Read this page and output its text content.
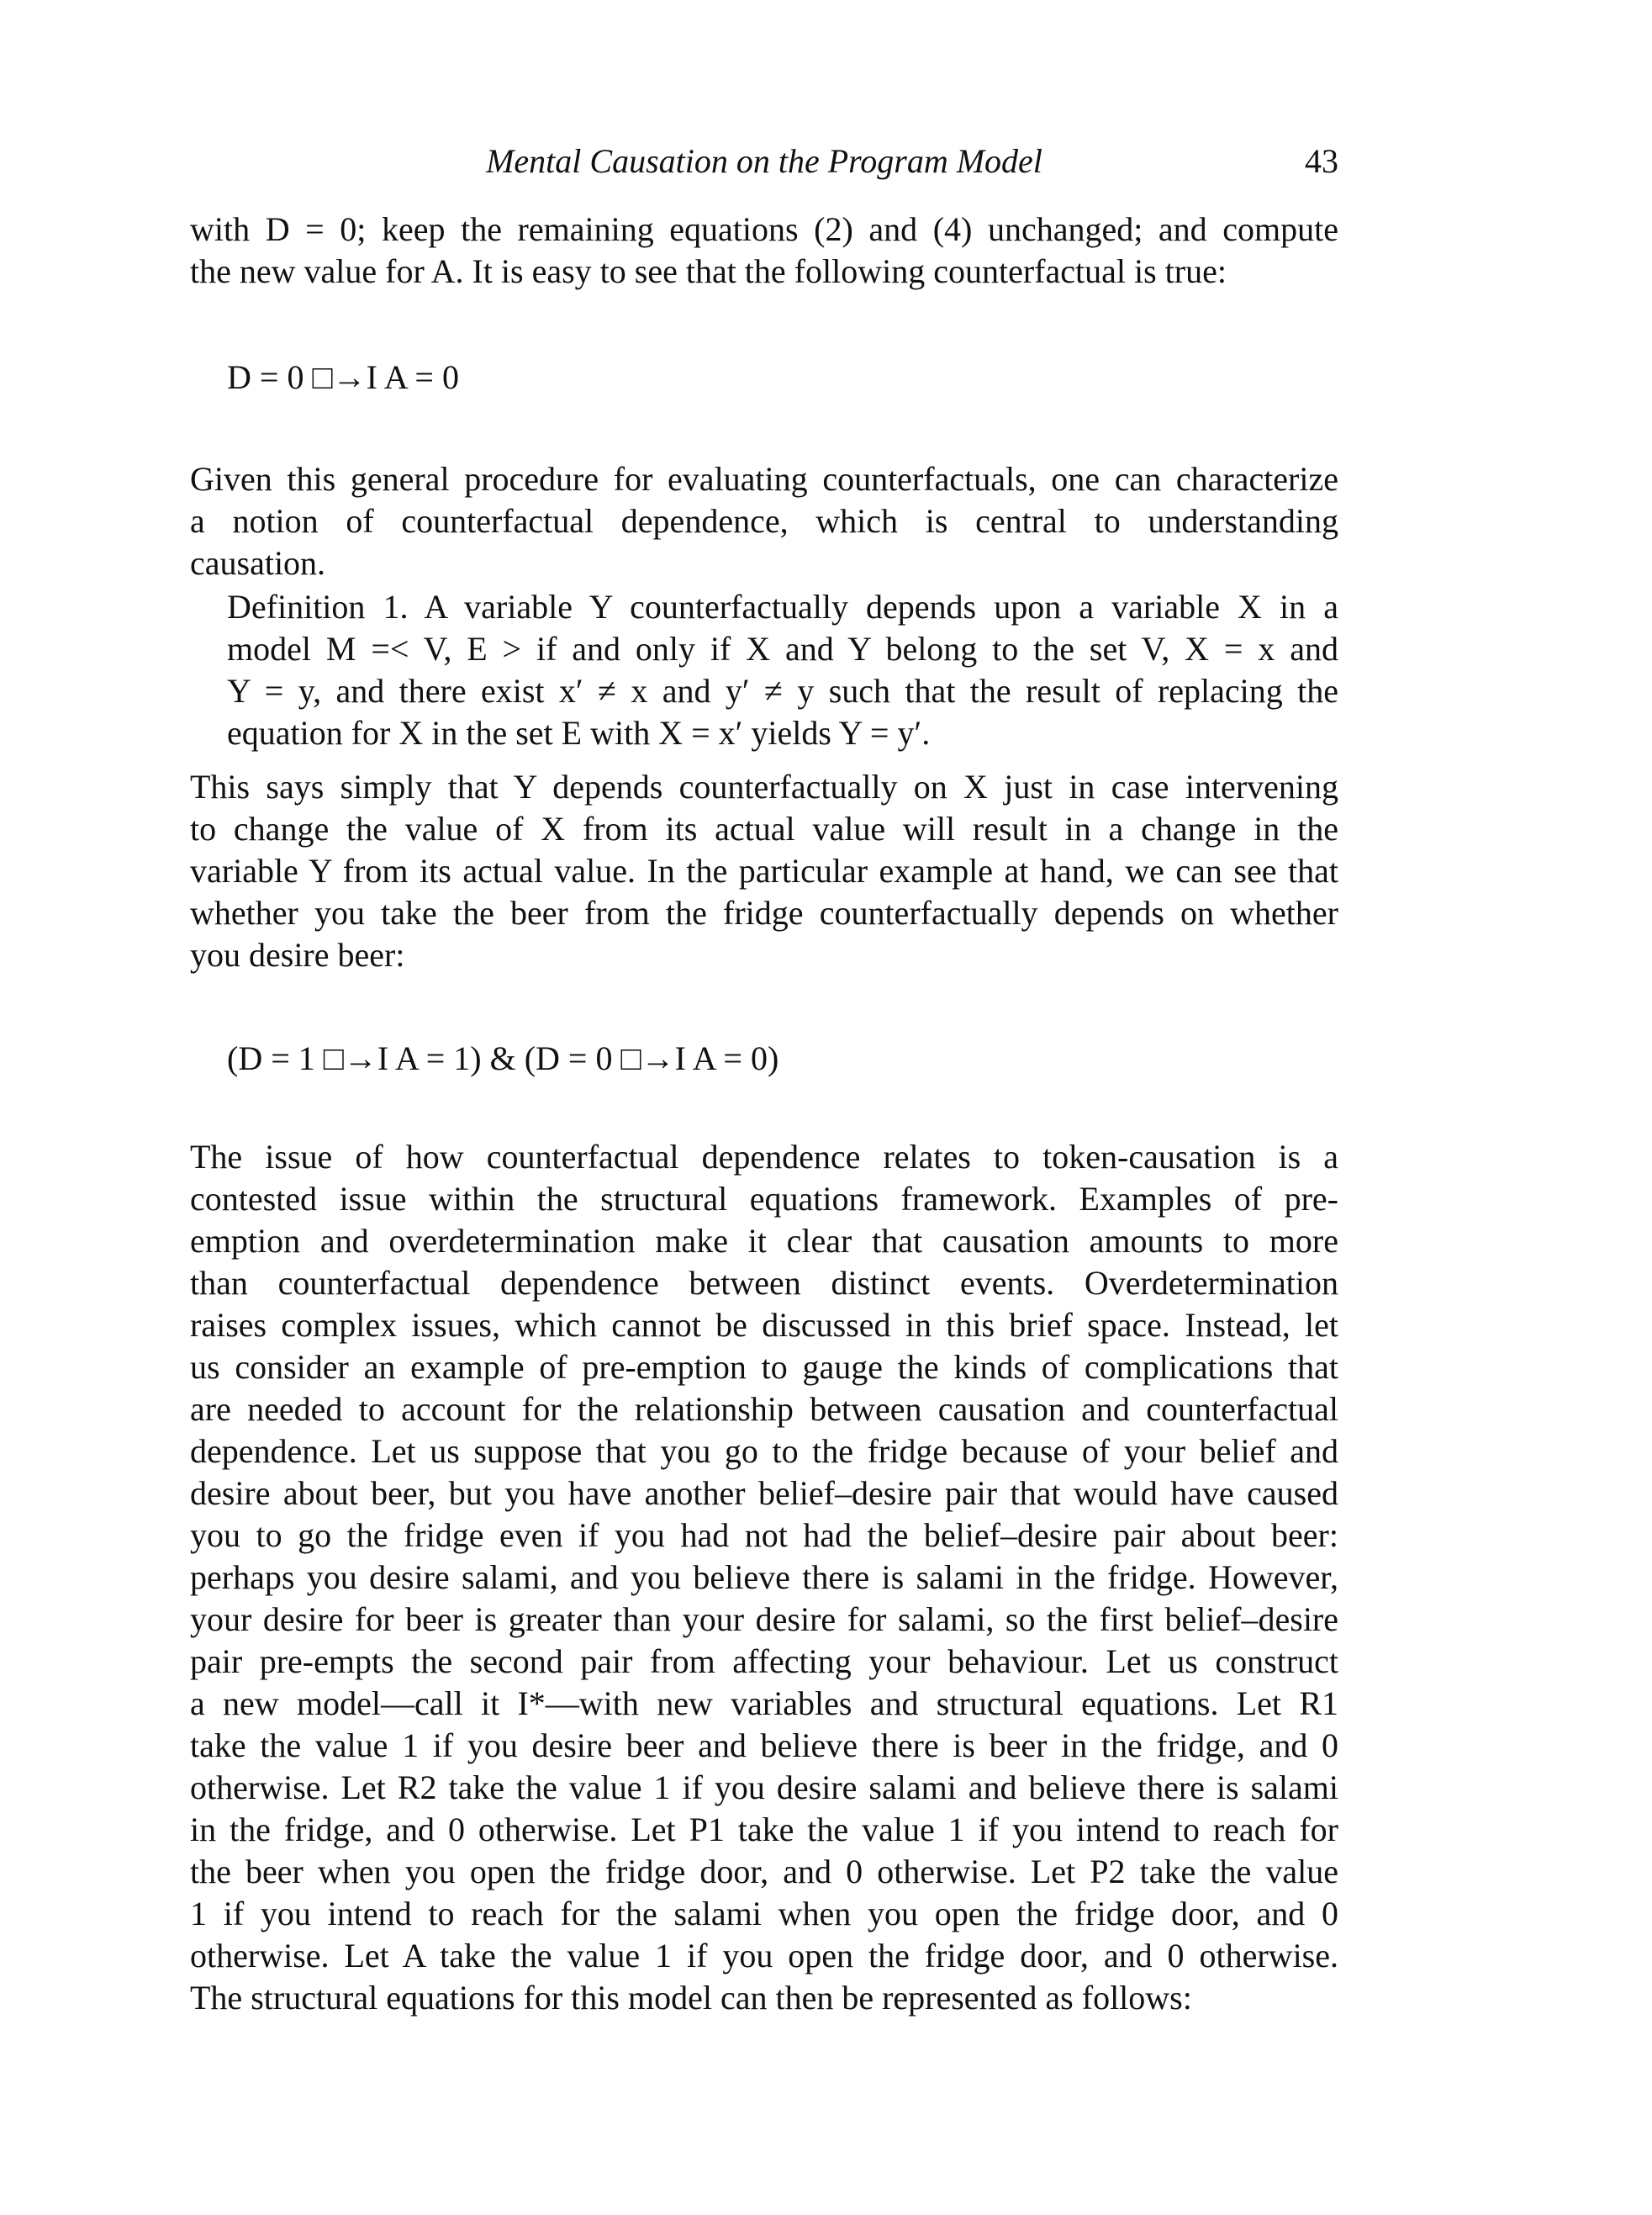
Mental Causation on the Program Model	43
with D = 0; keep the remaining equations (2) and (4) unchanged; and compute
the new value for A. It is easy to see that the following counterfactual is true:
D = 0 □→I A = 0
Given this general procedure for evaluating counterfactuals, one can characterize
a notion of counterfactual dependence, which is central to understanding
causation.
Definition 1. A variable Y counterfactually depends upon a variable X in a
model M =< V, E > if and only if X and Y belong to the set V, X = x and
Y = y, and there exist x′ ≠ x and y′ ≠ y such that the result of replacing the
equation for X in the set E with X = x′ yields Y = y′.
This says simply that Y depends counterfactually on X just in case intervening
to change the value of X from its actual value will result in a change in the
variable Y from its actual value. In the particular example at hand, we can see that
whether you take the beer from the fridge counterfactually depends on whether
you desire beer:
(D = 1 □→I A = 1) & (D = 0 □→I A = 0)
The issue of how counterfactual dependence relates to token-causation is a
contested issue within the structural equations framework. Examples of pre-
emption and overdetermination make it clear that causation amounts to more
than counterfactual dependence between distinct events. Overdetermination
raises complex issues, which cannot be discussed in this brief space. Instead, let
us consider an example of pre-emption to gauge the kinds of complications that
are needed to account for the relationship between causation and counterfactual
dependence. Let us suppose that you go to the fridge because of your belief and
desire about beer, but you have another belief–desire pair that would have caused
you to go the fridge even if you had not had the belief–desire pair about beer:
perhaps you desire salami, and you believe there is salami in the fridge. However,
your desire for beer is greater than your desire for salami, so the first belief–desire
pair pre-empts the second pair from affecting your behaviour. Let us construct
a new model—call it I*—with new variables and structural equations. Let R1
take the value 1 if you desire beer and believe there is beer in the fridge, and 0
otherwise. Let R2 take the value 1 if you desire salami and believe there is salami
in the fridge, and 0 otherwise. Let P1 take the value 1 if you intend to reach for
the beer when you open the fridge door, and 0 otherwise. Let P2 take the value
1 if you intend to reach for the salami when you open the fridge door, and 0
otherwise. Let A take the value 1 if you open the fridge door, and 0 otherwise.
The structural equations for this model can then be represented as follows:
